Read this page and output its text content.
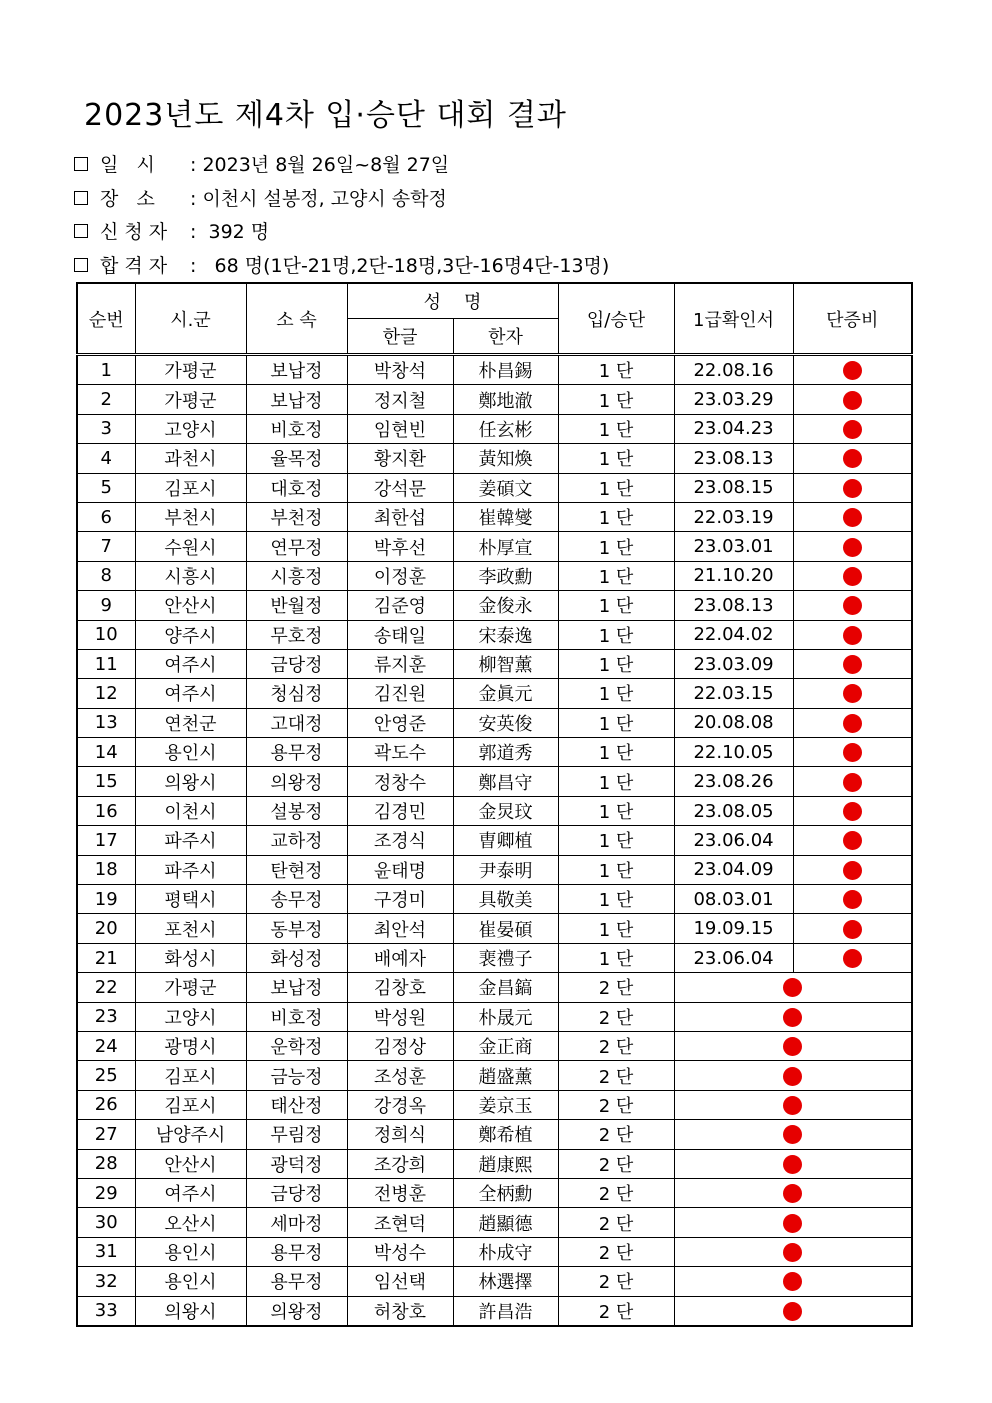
2023년도 제4차 입·승단 대회 결과
일   시	: 2023년 8월 26일~8월 27일
장   소	: 이천시 설봉정, 고양시 송학정
신 청 자	:  392 명
합 격 자	:   68 명(1단-21명,2단-18명,3단-16명4단-13명)
순번	시.군	소 속	성    명		입/승단	1급확인서	단증비
			한글	한자			
1	가평군	보납정	박창석	朴昌錫	1 단	22.08.16	
2	가평군	보납정	정지철	鄭地澈	1 단	23.03.29	
3	고양시	비호정	임현빈	任玄彬	1 단	23.04.23	
4	과천시	율목정	황지환	黃知煥	1 단	23.08.13	
5	김포시	대호정	강석문	姜碩文	1 단	23.08.15	
6	부천시	부천정	최한섭	崔韓燮	1 단	22.03.19	
7	수원시	연무정	박후선	朴厚宣	1 단	23.03.01	
8	시흥시	시흥정	이정훈	李政勳	1 단	21.10.20	
9	안산시	반월정	김준영	金俊永	1 단	23.08.13	
10	양주시	무호정	송태일	宋泰逸	1 단	22.04.02	
11	여주시	금당정	류지훈	柳智薰	1 단	23.03.09	
12	여주시	청심정	김진원	金眞元	1 단	22.03.15	
13	연천군	고대정	안영준	安英俊	1 단	20.08.08	
14	용인시	용무정	곽도수	郭道秀	1 단	22.10.05	
15	의왕시	의왕정	정창수	鄭昌守	1 단	23.08.26	
16	이천시	설봉정	김경민	金炅玟	1 단	23.08.05	
17	파주시	교하정	조경식	曺卿植	1 단	23.06.04	
18	파주시	탄현정	윤태명	尹泰明	1 단	23.04.09	
19	평택시	송무정	구경미	具敬美	1 단	08.03.01	
20	포천시	동부정	최안석	崔晏碩	1 단	19.09.15	
21	화성시	화성정	배예자	裵禮子	1 단	23.06.04	
22	가평군	보납정	김창호	金昌鎬	2 단		
23	고양시	비호정	박성원	朴晟元	2 단		
24	광명시	운학정	김정상	金正商	2 단		
25	김포시	금능정	조성훈	趙盛薰	2 단		
26	김포시	태산정	강경옥	姜京玉	2 단		
27	남양주시	무림정	정희식	鄭希植	2 단		
28	안산시	광덕정	조강희	趙康熙	2 단		
29	여주시	금당정	전병훈	全柄勳	2 단		
30	오산시	세마정	조현덕	趙顯德	2 단		
31	용인시	용무정	박성수	朴成守	2 단		
32	용인시	용무정	임선택	林選擇	2 단		
33	의왕시	의왕정	허창호	許昌浩	2 단		
